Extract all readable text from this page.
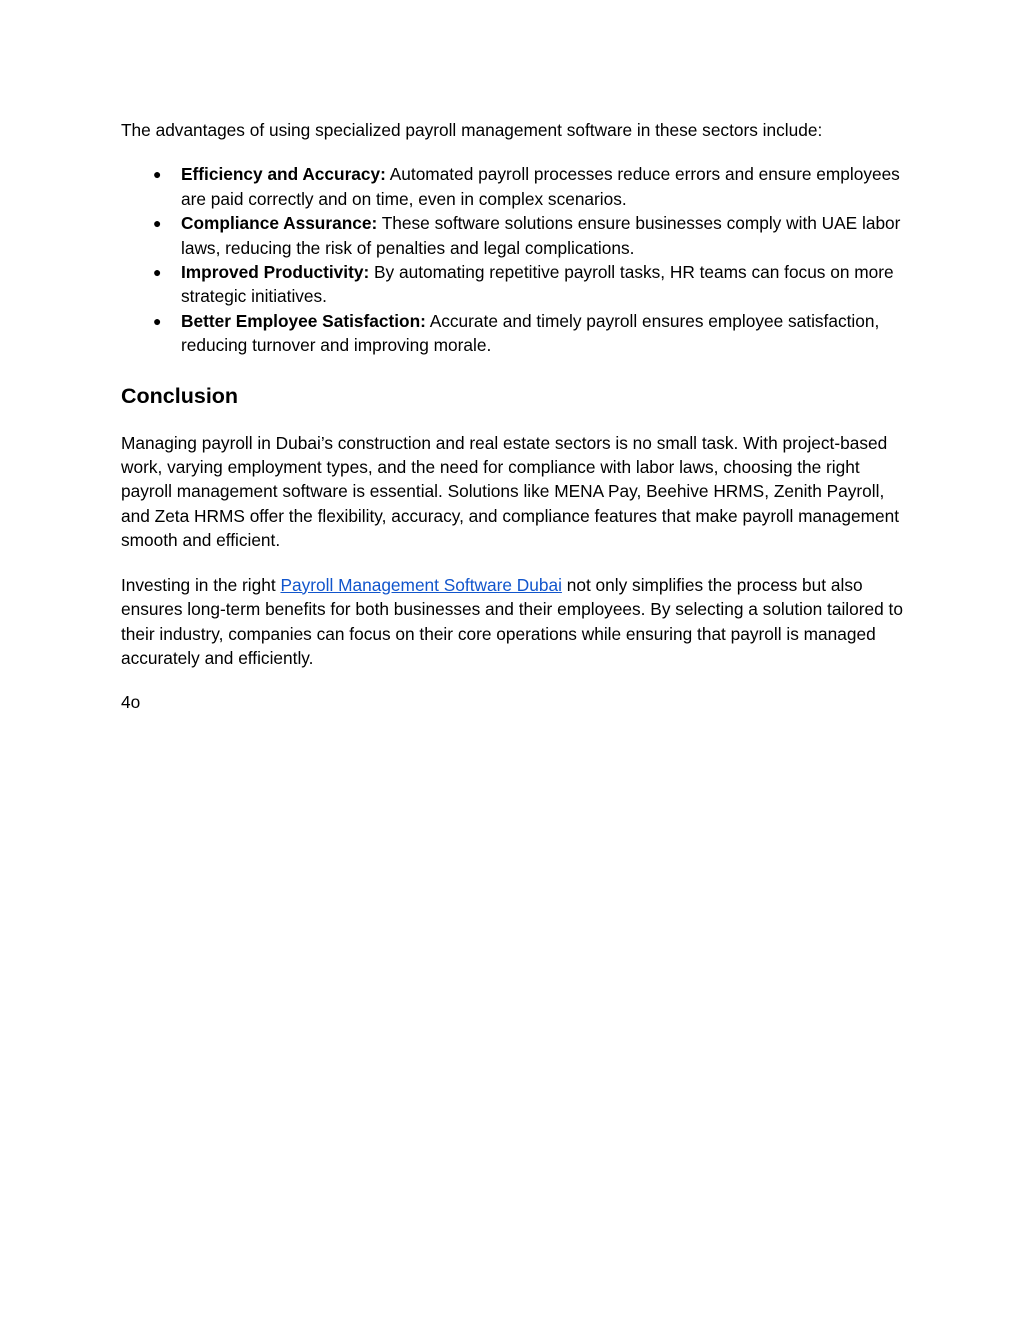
The advantages of using specialized payroll management software in these sectors include:

● Efficiency and Accuracy: Automated payroll processes reduce errors and ensure employees are paid correctly and on time, even in complex scenarios.
● Compliance Assurance: These software solutions ensure businesses comply with UAE labor laws, reducing the risk of penalties and legal complications.
● Improved Productivity: By automating repetitive payroll tasks, HR teams can focus on more strategic initiatives.
● Better Employee Satisfaction: Accurate and timely payroll ensures employee satisfaction, reducing turnover and improving morale.
Conclusion

Managing payroll in Dubai’s construction and real estate sectors is no small task. With project-based work, varying employment types, and the need for compliance with labor laws, choosing the right payroll management software is essential. Solutions like MENA Pay, Beehive HRMS, Zenith Payroll, and Zeta HRMS offer the flexibility, accuracy, and compliance features that make payroll management smooth and efficient.

Investing in the right Payroll Management Software Dubai not only simplifies the process but also ensures long-term benefits for both businesses and their employees. By selecting a solution tailored to their industry, companies can focus on their core operations while ensuring that payroll is managed accurately and efficiently.

4o
